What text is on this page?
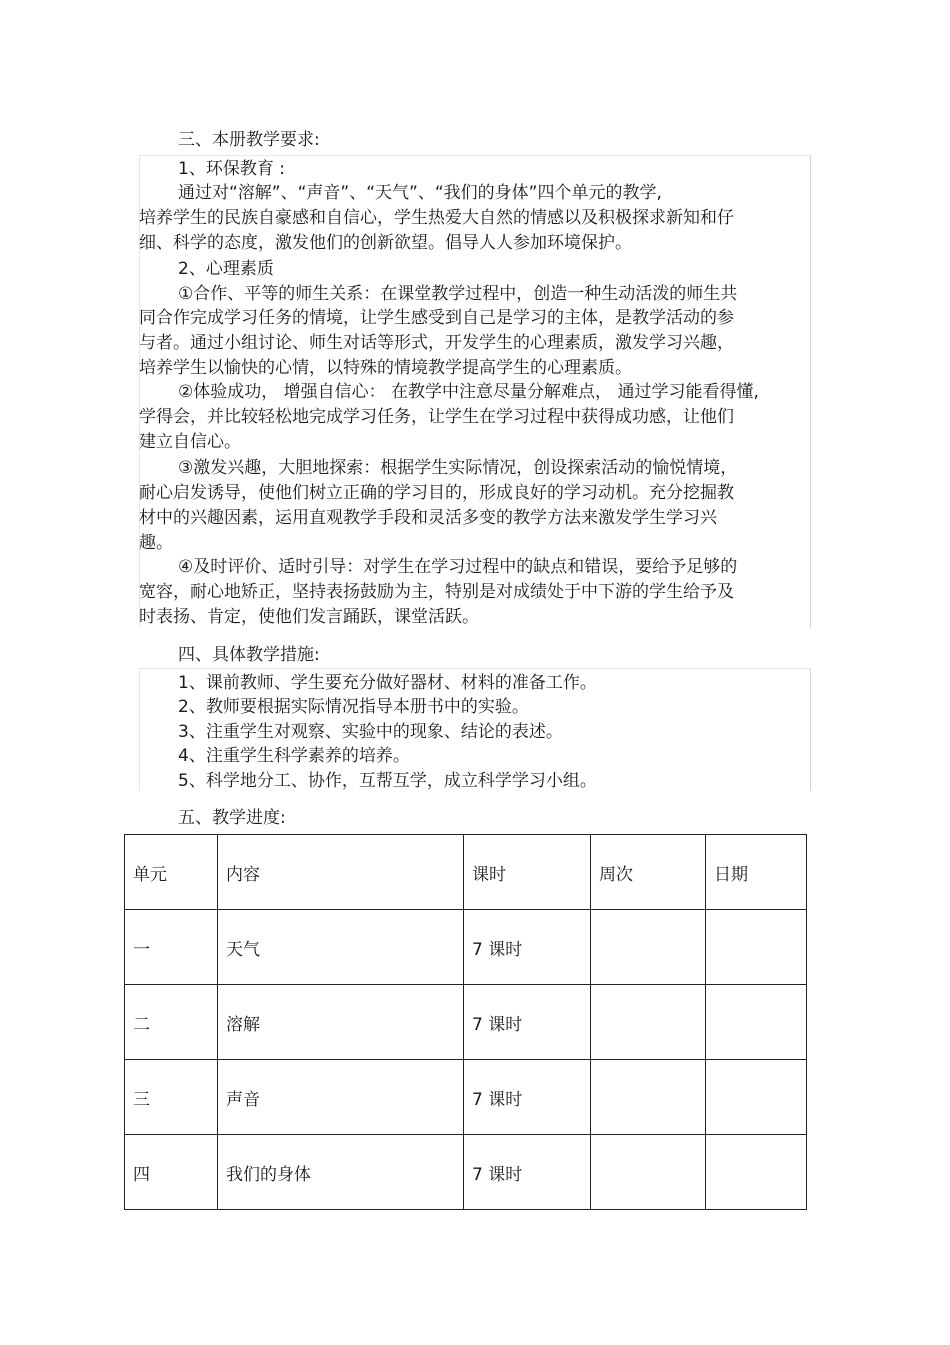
三、本册教学要求:
1、环保教育 :
通过对“溶解”、“声音”、“天气”、“我们的身体”四个单元的教学,
培养学生的民族自豪感和自信心，学生热爱大自然的情感以及积极探求新知和仔
细、科学的态度，激发他们的创新欲望。倡导人人参加环境保护。
2、心理素质
①合作、平等的师生关系：在课堂教学过程中，创造一种生动活泼的师生共
同合作完成学习任务的情境，让学生感受到自己是学习的主体，是教学活动的参
与者。通过小组讨论、师生对话等形式，开发学生的心理素质，激发学习兴趣，
培养学生以愉快的心情，以特殊的情境教学提高学生的心理素质。
②体验成功， 增强自信心： 在教学中注意尽量分解难点， 通过学习能看得懂,
学得会，并比较轻松地完成学习任务，让学生在学习过程中获得成功感，让他们
建立自信心。
③激发兴趣，大胆地探索：根据学生实际情况，创设探索活动的愉悦情境，
耐心启发诱导，使他们树立正确的学习目的，形成良好的学习动机。充分挖掘教
材中的兴趣因素，运用直观教学手段和灵活多变的教学方法来激发学生学习兴
趣。
④及时评价、适时引导：对学生在学习过程中的缺点和错误，要给予足够的
宽容，耐心地矫正，坚持表扬鼓励为主，特别是对成绩处于中下游的学生给予及
时表扬、肯定，使他们发言踊跃，课堂活跃。
四、具体教学措施:
1、课前教师、学生要充分做好器材、材料的准备工作。
2、教师要根据实际情况指导本册书中的实验。
3、注重学生对观察、实验中的现象、结论的表述。
4、注重学生科学素养的培养。
5、科学地分工、协作，互帮互学，成立科学学习小组。
五、教学进度:
单元	内容	课时	周次	日期
一	天气	7 课时		
二	溶解	7 课时		
三	声音	7 课时		
四	我们的身体	7 课时		
